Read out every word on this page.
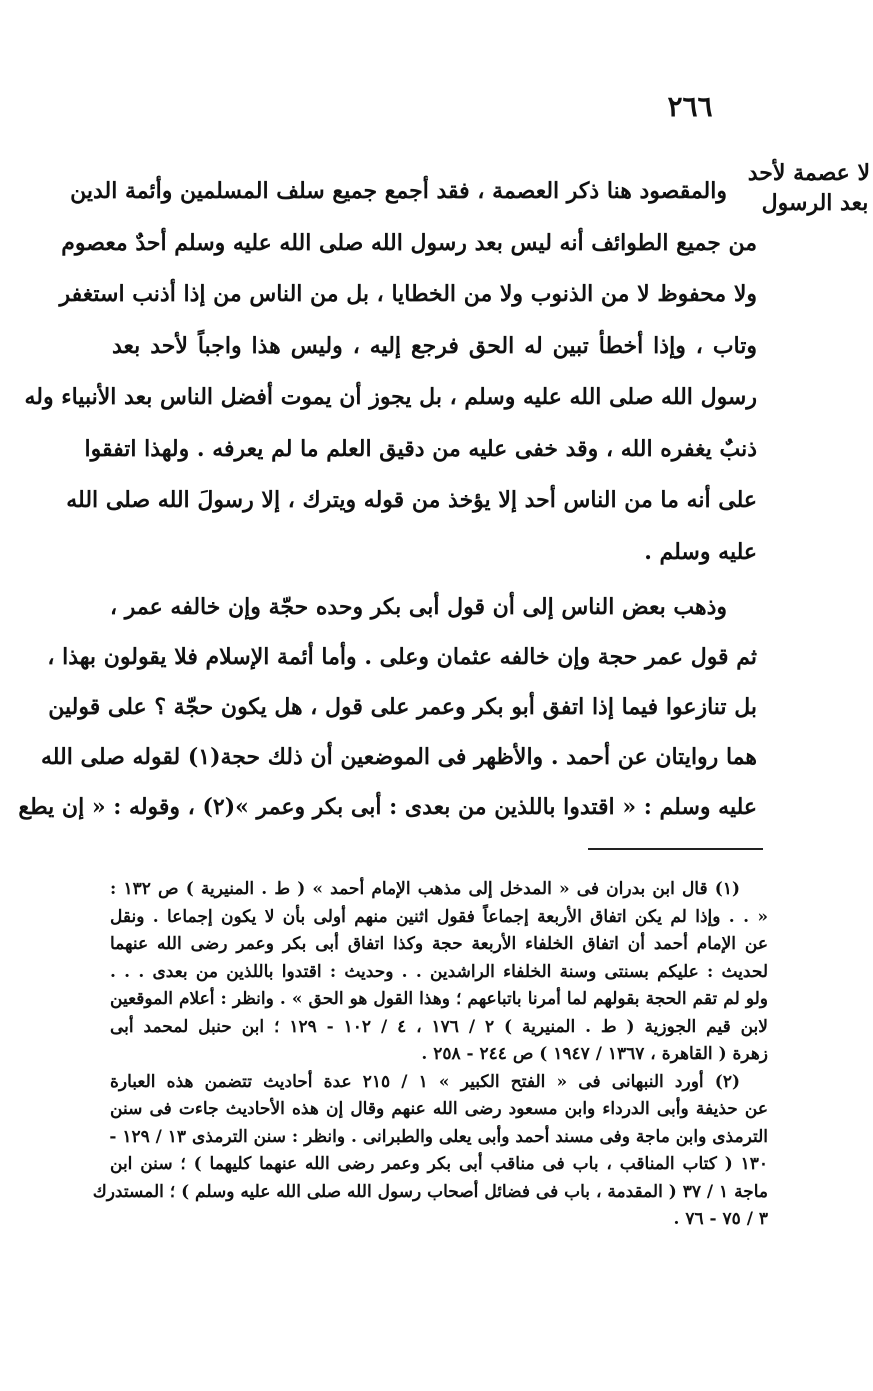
٢٦٦
لا عصمة لأحد
بعد الرسول
والمقصود هنا ذكر العصمة ، فقد أجمع جميع سلف المسلمين وأئمة الدين
من جميع الطوائف أنه ليس بعد رسول الله صلى الله عليه وسلم أحدٌ معصوم
ولا محفوظ لا من الذنوب ولا من الخطايا ، بل من الناس من إذا أذنب استغفر
وتاب ، وإذا أخطأ تبين له الحق فرجع إليه ، وليس هذا واجباً لأحد بعد
رسول الله صلى الله عليه وسلم ، بل يجوز أن يموت أفضل الناس بعد الأنبياء وله
ذنبٌ يغفره الله ، وقد خفى عليه من دقيق العلم ما لم يعرفه . ولهذا اتفقوا
على أنه ما من الناس أحد إلا يؤخذ من قوله ويترك ، إلا رسولَ الله صلى الله
عليه وسلم .
وذهب بعض الناس إلى أن قول أبى بكر وحده حجّة وإن خالفه عمر ،
ثم قول عمر حجة وإن خالفه عثمان وعلى . وأما أئمة الإسلام فلا يقولون بهذا ،
بل تنازعوا فيما إذا اتفق أبو بكر وعمر على قول ، هل يكون حجّة ؟ على قولين
هما روايتان عن أحمد . والأظهر فى الموضعين أن ذلك حجة(١) لقوله صلى الله
عليه وسلم : « اقتدوا باللذين من بعدى : أبى بكر وعمر »(٢) ، وقوله : « إن يطع
(١) قال ابن بدران فى « المدخل إلى مذهب الإمام أحمد » ( ط . المنيرية ) ص ١٣٢ :
« . . وإذا لم يكن اتفاق الأربعة إجماعاً فقول اثنين منهم أولى بأن لا يكون إجماعا . ونقل
عن الإمام أحمد أن اتفاق الخلفاء الأربعة حجة وكذا اتفاق أبى بكر وعمر رضى الله عنهما
لحديث : عليكم بسنتى وسنة الخلفاء الراشدين . . وحديث : اقتدوا باللذين من بعدى . . .
ولو لم تقم الحجة بقولهم لما أمرنا باتباعهم ؛ وهذا القول هو الحق » . وانظر : أعلام الموقعين
لابن قيم الجوزية ( ط . المنيرية ) ٢ / ١٧٦ ، ٤ / ١٠٢ - ١٢٩ ؛ ابن حنبل لمحمد أبى
زهرة ( القاهرة ، ١٣٦٧ / ١٩٤٧ ) ص ٢٤٤ - ٢٥٨ .
(٢) أورد النبهانى فى « الفتح الكبير » ١ / ٢١٥ عدة أحاديث تتضمن هذه العبارة
عن حذيفة وأبى الدرداء وابن مسعود رضى الله عنهم وقال إن هذه الأحاديث جاءت فى سنن
الترمذى وابن ماجة وفى مسند أحمد وأبى يعلى والطبرانى . وانظر : سنن الترمذى ١٣ / ١٢٩ -
١٣٠ ( كتاب المناقب ، باب فى مناقب أبى بكر وعمر رضى الله عنهما كليهما ) ؛ سنن ابن
ماجة ١ / ٣٧ ( المقدمة ، باب فى فضائل أصحاب رسول الله صلى الله عليه وسلم ) ؛ المستدرك
٣ / ٧٥ - ٧٦ .
